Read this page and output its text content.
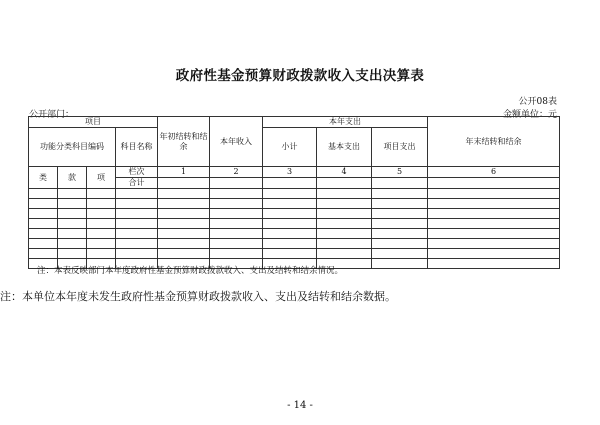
政府性基金预算财政拨款收入支出决算表
公开08表
公开部门：	金额单位：元
项目				年初结转和结余	本年收入	本年支出			年末结转和结余
功能分类科目编码			科目名称			小计	基本支出	项目支出	
类	款	项	栏次	1	2	3	4	5	6
			合计						

注：本表反映部门本年度政府性基金预算财政拨款收入、支出及结转和结余情况。
注：本单位本年度未发生政府性基金预算财政拨款收入、支出及结转和结余数据。
- 14 -
